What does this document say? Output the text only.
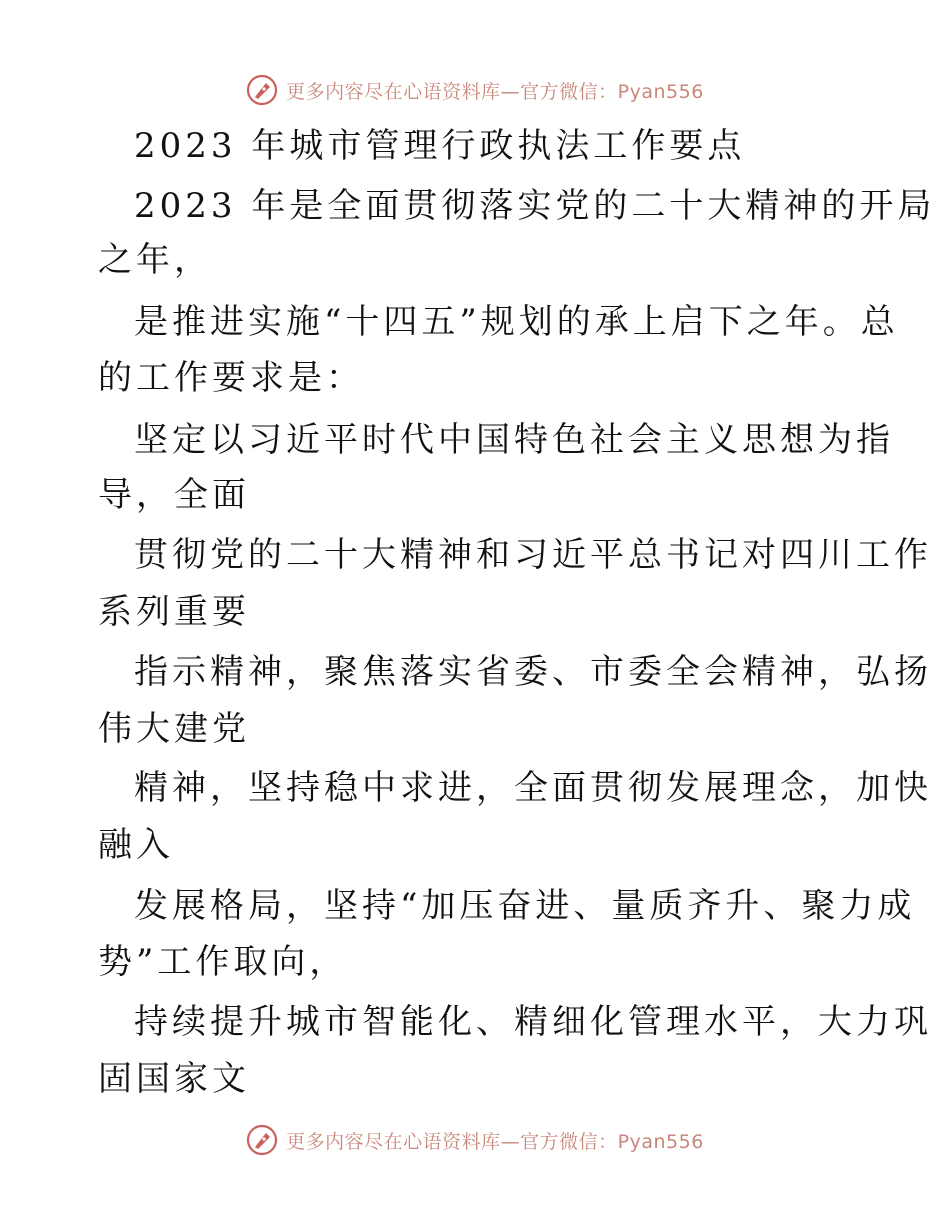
更多内容尽在心语资料库—官方微信：Pyan556
2023 年城市管理行政执法工作要点
2023 年是全面贯彻落实党的二十大精神的开局
之年，
是推进实施“十四五”规划的承上启下之年。总
的工作要求是：
坚定以习近平时代中国特色社会主义思想为指
导，全面
贯彻党的二十大精神和习近平总书记对四川工作
系列重要
指示精神，聚焦落实省委、市委全会精神，弘扬
伟大建党
精神，坚持稳中求进，全面贯彻发展理念，加快
融入
发展格局，坚持“加压奋进、量质齐升、聚力成
势”工作取向，
持续提升城市智能化、精细化管理水平，大力巩
固国家文
更多内容尽在心语资料库—官方微信：Pyan556
